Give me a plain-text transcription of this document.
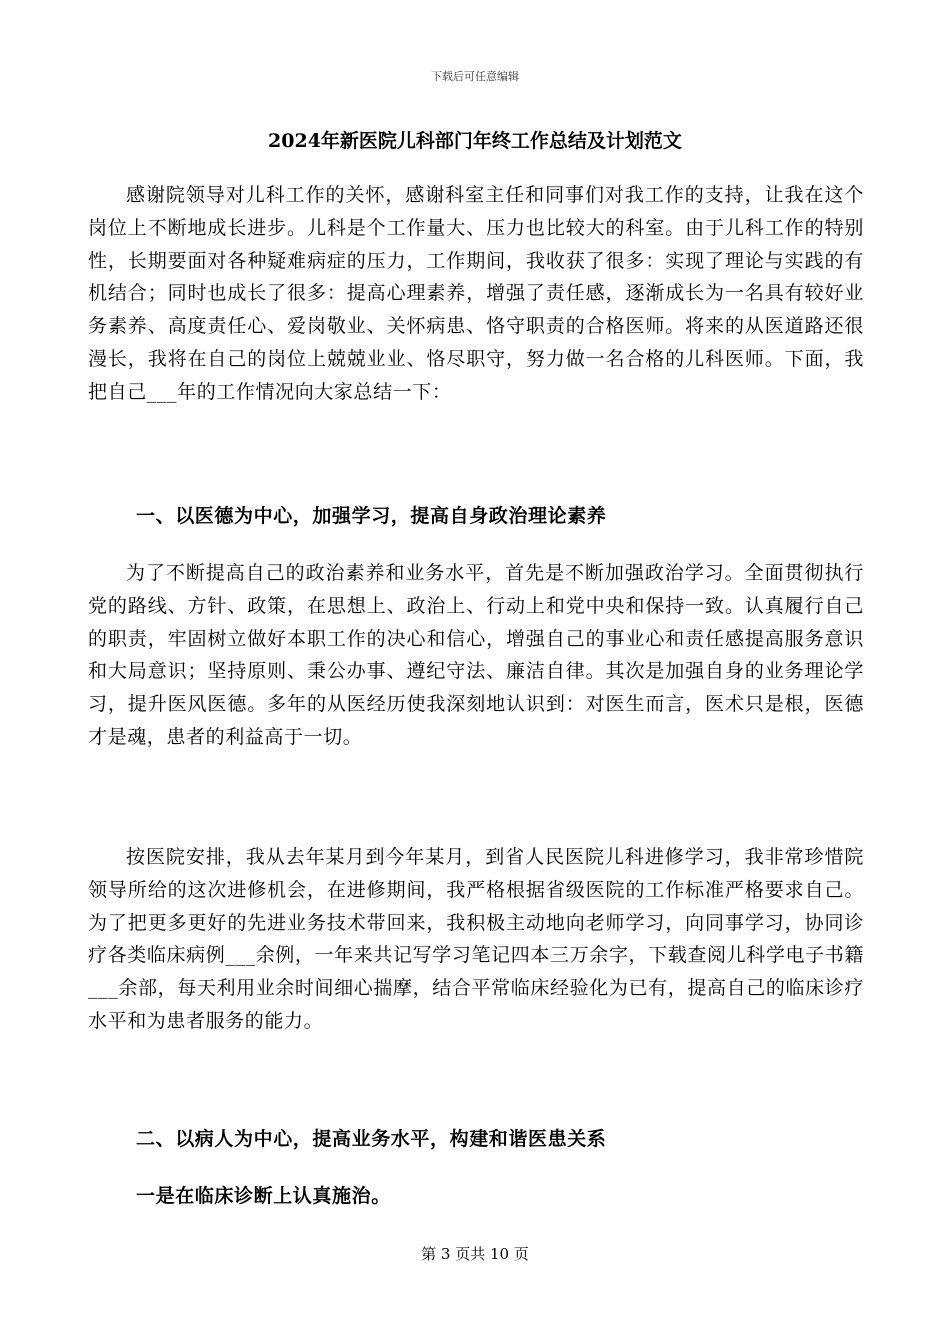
下载后可任意编辑
2024年新医院儿科部门年终工作总结及计划范文

感谢院领导对儿科工作的关怀，感谢科室主任和同事们对我工作的支持，让我在这个岗位上不断地成长进步。儿科是个工作量大、压力也比较大的科室。由于儿科工作的特别性，长期要面对各种疑难病症的压力，工作期间，我收获了很多：实现了理论与实践的有机结合；同时也成长了很多：提高心理素养，增强了责任感，逐渐成长为一名具有较好业务素养、高度责任心、爱岗敬业、关怀病患、恪守职责的合格医师。将来的从医道路还很漫长，我将在自己的岗位上兢兢业业、恪尽职守，努力做一名合格的儿科医师。下面，我把自己___年的工作情况向大家总结一下：

一、以医德为中心，加强学习，提高自身政治理论素养

为了不断提高自己的政治素养和业务水平，首先是不断加强政治学习。全面贯彻执行党的路线、方针、政策，在思想上、政治上、行动上和党中央和保持一致。认真履行自己的职责，牢固树立做好本职工作的决心和信心，增强自己的事业心和责任感提高服务意识和大局意识；坚持原则、秉公办事、遵纪守法、廉洁自律。其次是加强自身的业务理论学习，提升医风医德。多年的从医经历使我深刻地认识到：对医生而言，医术只是根，医德才是魂，患者的利益高于一切。

按医院安排，我从去年某月到今年某月，到省人民医院儿科进修学习，我非常珍惜院领导所给的这次进修机会，在进修期间，我严格根据省级医院的工作标准严格要求自己。为了把更多更好的先进业务技术带回来，我积极主动地向老师学习，向同事学习，协同诊疗各类临床病例___余例，一年来共记写学习笔记四本三万余字，下载查阅儿科学电子书籍___余部，每天利用业余时间细心揣摩，结合平常临床经验化为已有，提高自己的临床诊疗水平和为患者服务的能力。

二、以病人为中心，提高业务水平，构建和谐医患关系

一是在临床诊断上认真施治。

第 3 页共 10 页
